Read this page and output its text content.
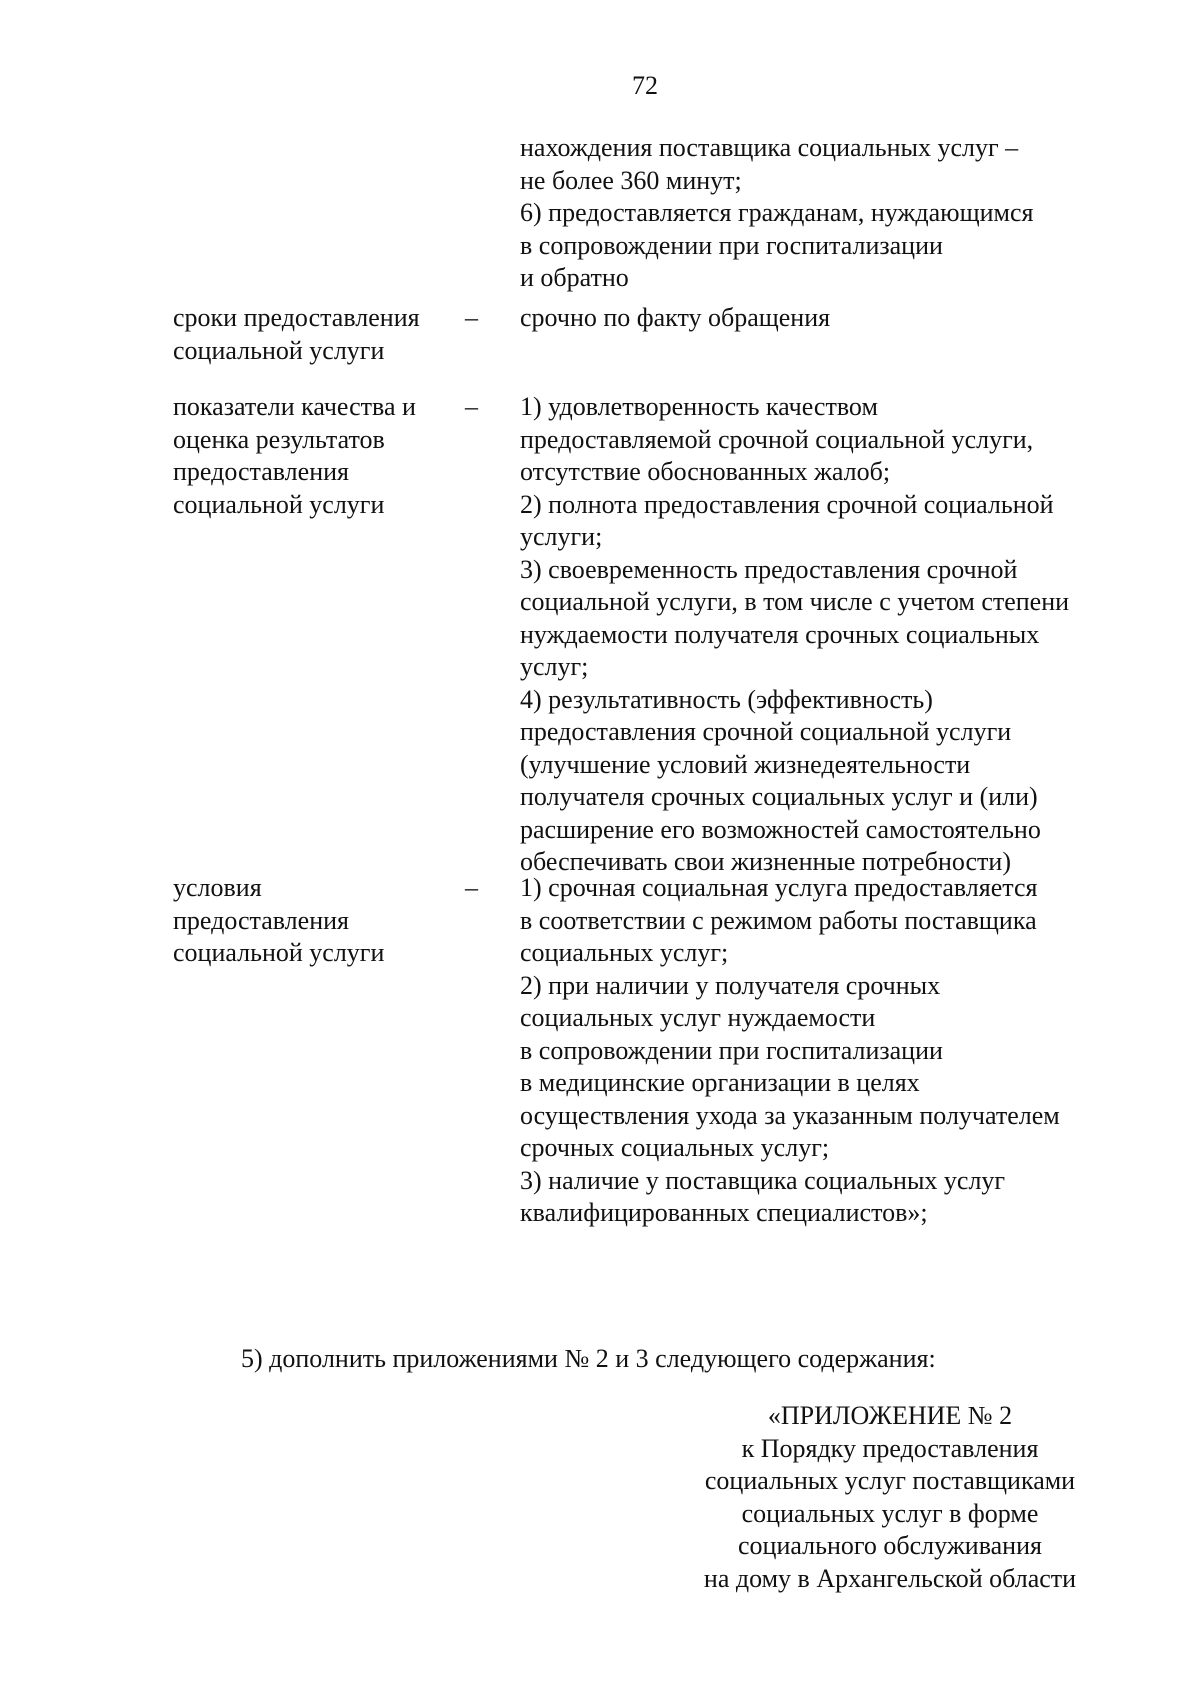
72
нахождения поставщика социальных услуг –
не более 360 минут;
6) предоставляется гражданам, нуждающимся
в сопровождении при госпитализации
и обратно
сроки предоставления
социальной услуги
– срочно по факту обращения
показатели качества и
оценка результатов
предоставления
социальной услуги
– 1) удовлетворенность качеством
предоставляемой срочной социальной услуги,
отсутствие обоснованных жалоб;
2) полнота предоставления срочной социальной
услуги;
3) своевременность предоставления срочной
социальной услуги, в том числе с учетом степени
нуждаемости получателя срочных социальных
услуг;
4) результативность (эффективность)
предоставления срочной социальной услуги
(улучшение условий жизнедеятельности
получателя срочных социальных услуг и (или)
расширение его возможностей самостоятельно
обеспечивать свои жизненные потребности)
условия
предоставления
социальной услуги
– 1) срочная социальная услуга предоставляется
в соответствии с режимом работы поставщика
социальных услуг;
2) при наличии у получателя срочных
социальных услуг нуждаемости
в сопровождении при госпитализации
в медицинские организации в целях
осуществления ухода за указанным получателем
срочных социальных услуг;
3) наличие у поставщика социальных услуг
квалифицированных специалистов»;
5) дополнить приложениями № 2 и 3 следующего содержания:
«ПРИЛОЖЕНИЕ № 2
к Порядку предоставления
социальных услуг поставщиками
социальных услуг в форме
социального обслуживания
на дому в Архангельской области
